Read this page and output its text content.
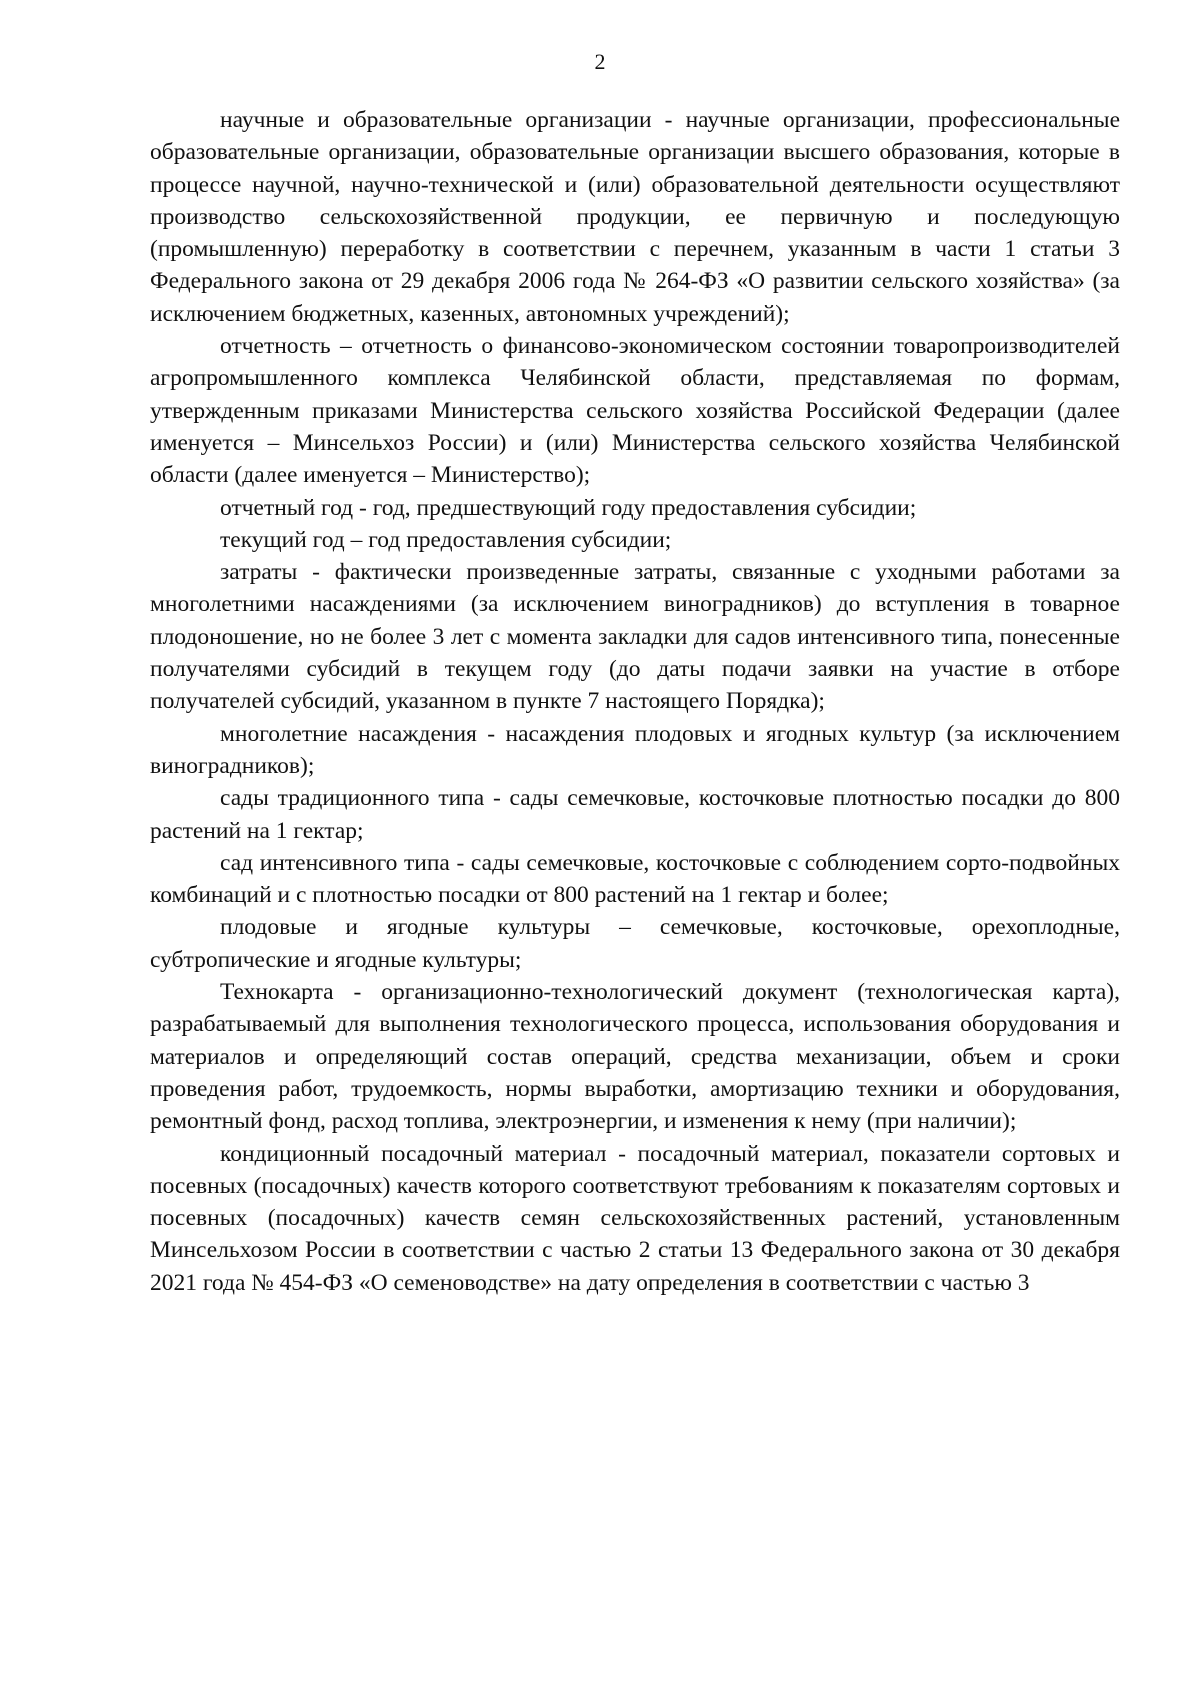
2

научные и образовательные организации - научные организации, профессиональные образовательные организации, образовательные организации высшего образования, которые в процессе научной, научно-технической и (или) образовательной деятельности осуществляют производство сельскохозяйственной продукции, ее первичную и последующую (промышленную) переработку в соответствии с перечнем, указанным в части 1 статьи 3 Федерального закона от 29 декабря 2006 года № 264-ФЗ «О развитии сельского хозяйства» (за исключением бюджетных, казенных, автономных учреждений);

отчетность – отчетность о финансово-экономическом состоянии товаропроизводителей агропромышленного комплекса Челябинской области, представляемая по формам, утвержденным приказами Министерства сельского хозяйства Российской Федерации (далее именуется – Минсельхоз России) и (или) Министерства сельского хозяйства Челябинской области (далее именуется – Министерство);

отчетный год - год, предшествующий году предоставления субсидии;

текущий год – год предоставления субсидии;

затраты - фактически произведенные затраты, связанные с уходными работами за многолетними насаждениями (за исключением виноградников) до вступления в товарное плодоношение, но не более 3 лет с момента закладки для садов интенсивного типа, понесенные получателями субсидий в текущем году (до даты подачи заявки на участие в отборе получателей субсидий, указанном в пункте 7 настоящего Порядка);

многолетние насаждения - насаждения плодовых и ягодных культур (за исключением виноградников);

сады традиционного типа - сады семечковые, косточковые плотностью посадки до 800 растений на 1 гектар;

сад интенсивного типа - сады семечковые, косточковые с соблюдением сорто-подвойных комбинаций и с плотностью посадки от 800 растений на 1 гектар и более;

плодовые и ягодные культуры – семечковые, косточковые, орехоплодные, субтропические и ягодные культуры;

Технокарта - организационно-технологический документ (технологическая карта), разрабатываемый для выполнения технологического процесса, использования оборудования и материалов и определяющий состав операций, средства механизации, объем и сроки проведения работ, трудоемкость, нормы выработки, амортизацию техники и оборудования, ремонтный фонд, расход топлива, электроэнергии, и изменения к нему (при наличии);

кондиционный посадочный материал - посадочный материал, показатели сортовых и посевных (посадочных) качеств которого соответствуют требованиям к показателям сортовых и посевных (посадочных) качеств семян сельскохозяйственных растений, установленным Минсельхозом России в соответствии с частью 2 статьи 13 Федерального закона от 30 декабря 2021 года № 454-ФЗ «О семеноводстве» на дату определения в соответствии с частью 3
